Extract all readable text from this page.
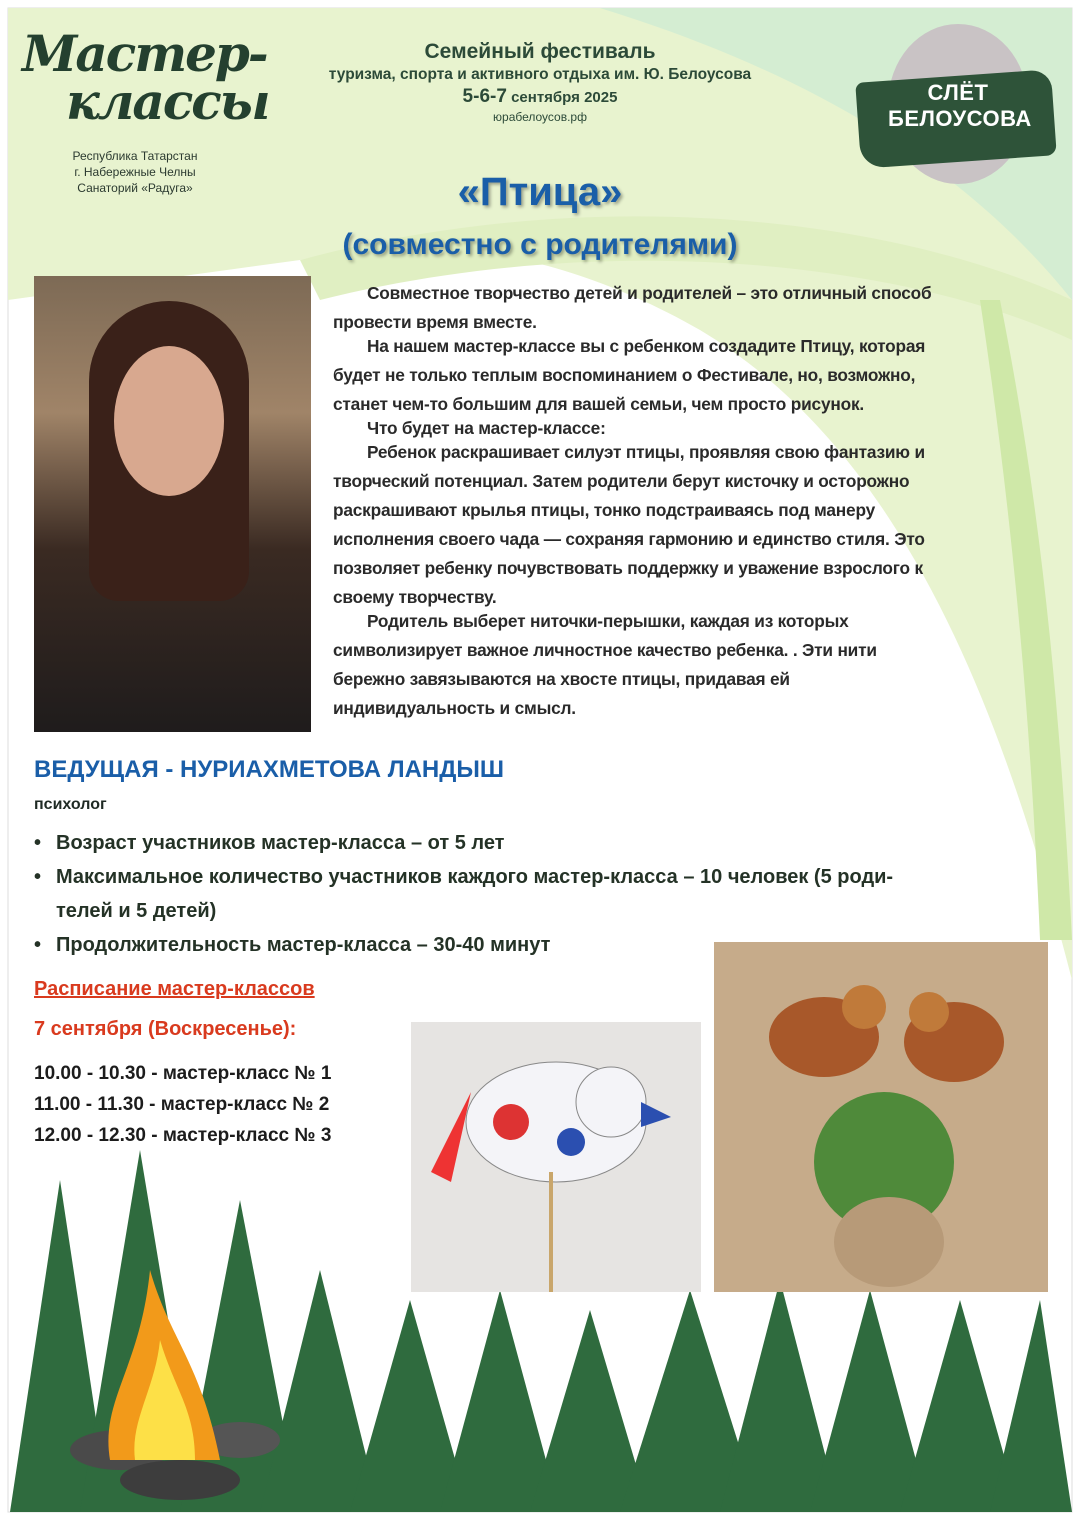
Мастер-
классы
Республика Татарстан
г. Набережные Челны
Санаторий «Радуга»
Семейный фестиваль
туризма, спорта и активного отдыха им. Ю. Белоусова
5-6-7 сентября 2025
юрабелоусов.рф
СЛЁТ
БЕЛОУСОВА
«Птица»
(совместно с родителями)

Совместное творчество детей и родителей – это отличный способ
провести время вместе.

На нашем мастер-классе вы с ребенком создадите Птицу, которая
будет не только теплым воспоминанием о Фестивале, но, возможно,
станет чем-то большим для вашей семьи, чем просто рисунок.

Что будет на мастер-классе:

Ребенок раскрашивает силуэт птицы, проявляя свою фантазию и
творческий потенциал. Затем родители берут кисточку и осторожно
раскрашивают крылья птицы, тонко подстраиваясь под манеру
исполнения своего чада — сохраняя гармонию и единство стиля. Это
позволяет ребенку почувствовать поддержку и уважение взрослого к
своему творчеству.

Родитель выберет ниточки-перышки, каждая из которых
символизирует важное личностное качество ребенка. . Эти нити
бережно завязываются на хвосте птицы, придавая ей
индивидуальность и смысл.

ВЕДУЩАЯ - НУРИАХМЕТОВА ЛАНДЫШ
психолог
• Возраст участников мастер-класса – от 5 лет
• Максимальное количество участников каждого мастер-класса – 10 человек (5 роди-
телей и 5 детей)
• Продолжительность мастер-класса – 30-40 минут
Расписание мастер-классов
7 сентября (Воскресенье):
10.00 - 10.30 - мастер-класс № 1
11.00 - 11.30 - мастер-класс № 2
12.00 - 12.30 - мастер-класс № 3
